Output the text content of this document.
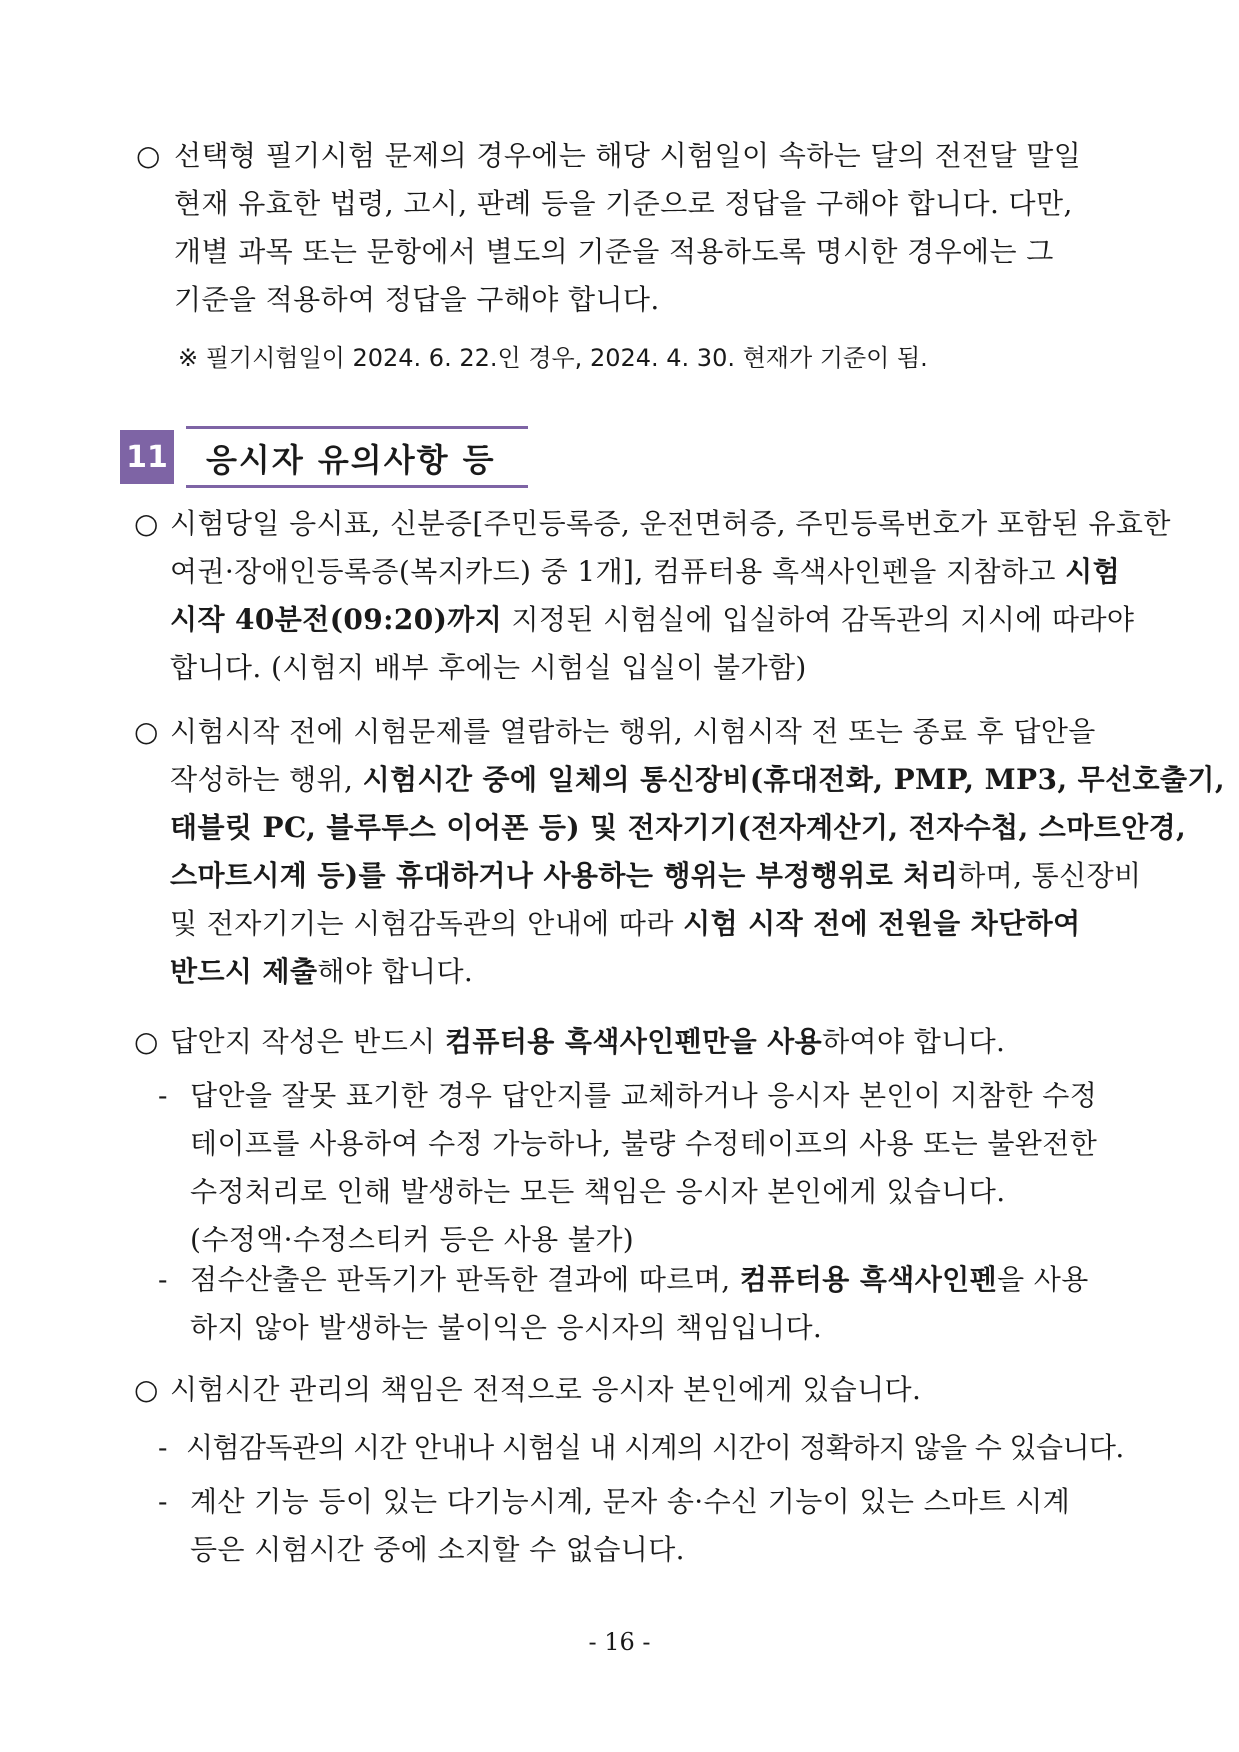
○ 선택형 필기시험 문제의 경우에는 해당 시험일이 속하는 달의 전전달 말일
현재 유효한 법령, 고시, 판례 등을 기준으로 정답을 구해야 합니다. 다만,
개별 과목 또는 문항에서 별도의 기준을 적용하도록 명시한 경우에는 그
기준을 적용하여 정답을 구해야 합니다.
※ 필기시험일이 2024. 6. 22.인 경우, 2024. 4. 30. 현재가 기준이 됨.
11 응시자 유의사항 등
○ 시험당일 응시표, 신분증[주민등록증, 운전면허증, 주민등록번호가 포함된 유효한
여권·장애인등록증(복지카드) 중 1개], 컴퓨터용 흑색사인펜을 지참하고 시험
시작 40분전(09:20)까지 지정된 시험실에 입실하여 감독관의 지시에 따라야
합니다. (시험지 배부 후에는 시험실 입실이 불가함)
○ 시험시작 전에 시험문제를 열람하는 행위, 시험시작 전 또는 종료 후 답안을
작성하는 행위, 시험시간 중에 일체의 통신장비(휴대전화, PMP, MP3, 무선호출기,
태블릿 PC, 블루투스 이어폰 등) 및 전자기기(전자계산기, 전자수첩, 스마트안경,
스마트시계 등)를 휴대하거나 사용하는 행위는 부정행위로 처리하며, 통신장비
및 전자기기는 시험감독관의 안내에 따라 시험 시작 전에 전원을 차단하여
반드시 제출해야 합니다.
○ 답안지 작성은 반드시 컴퓨터용 흑색사인펜만을 사용하여야 합니다.
- 답안을 잘못 표기한 경우 답안지를 교체하거나 응시자 본인이 지참한 수정
테이프를 사용하여 수정 가능하나, 불량 수정테이프의 사용 또는 불완전한
수정처리로 인해 발생하는 모든 책임은 응시자 본인에게 있습니다.
(수정액·수정스티커 등은 사용 불가)
- 점수산출은 판독기가 판독한 결과에 따르며, 컴퓨터용 흑색사인펜을 사용
하지 않아 발생하는 불이익은 응시자의 책임입니다.
○ 시험시간 관리의 책임은 전적으로 응시자 본인에게 있습니다.
- 시험감독관의 시간 안내나 시험실 내 시계의 시간이 정확하지 않을 수 있습니다.
- 계산 기능 등이 있는 다기능시계, 문자 송·수신 기능이 있는 스마트 시계
등은 시험시간 중에 소지할 수 없습니다.
- 16 -
